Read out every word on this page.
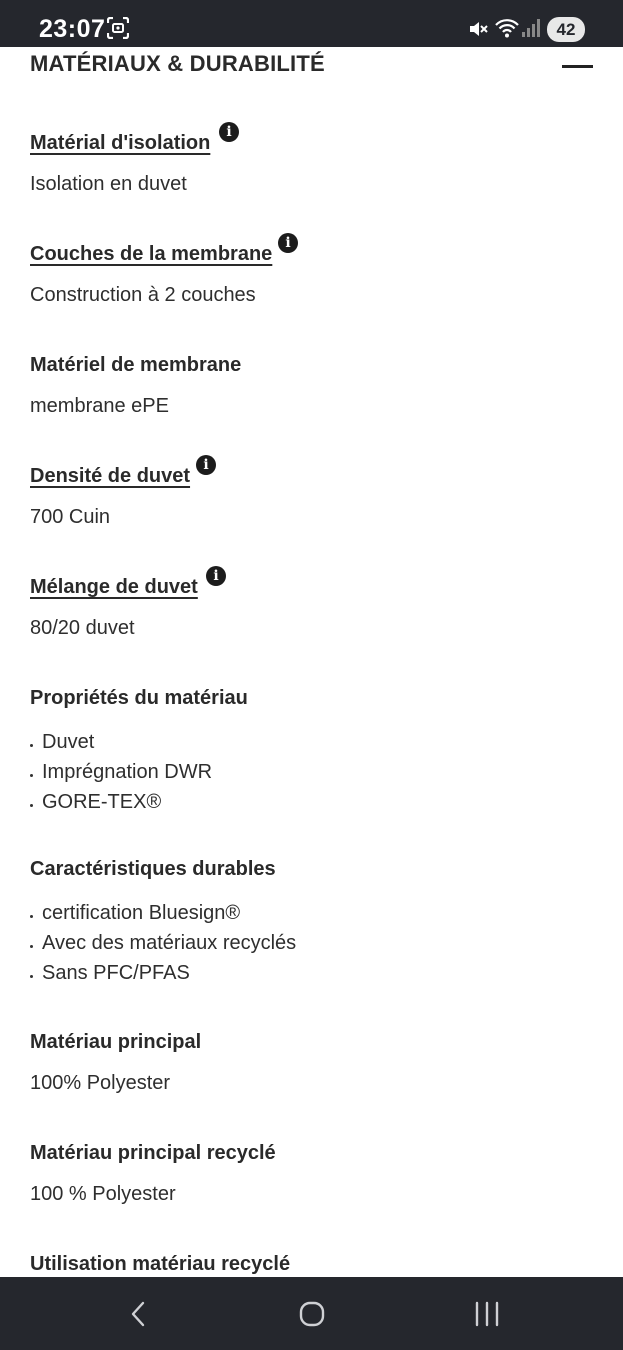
23:07	42
MATÉRIAUX & DURABILITÉ
Matérial d'isolation	i
Isolation en duvet
Couches de la membrane i
Construction à 2 couches
Matériel de membrane
membrane ePE
Densité de duvet i
700 Cuin
Mélange de duvet	i
80/20 duvet
Propriétés du matériau
Duvet
Imprégnation DWR
GORE-TEX®
Caractéristiques durables
certification Bluesign®
Avec des matériaux recyclés
Sans PFC/PFAS
Matériau principal
100% Polyester
Matériau principal recyclé
100 % Polyester
Utilisation matériau recyclé
